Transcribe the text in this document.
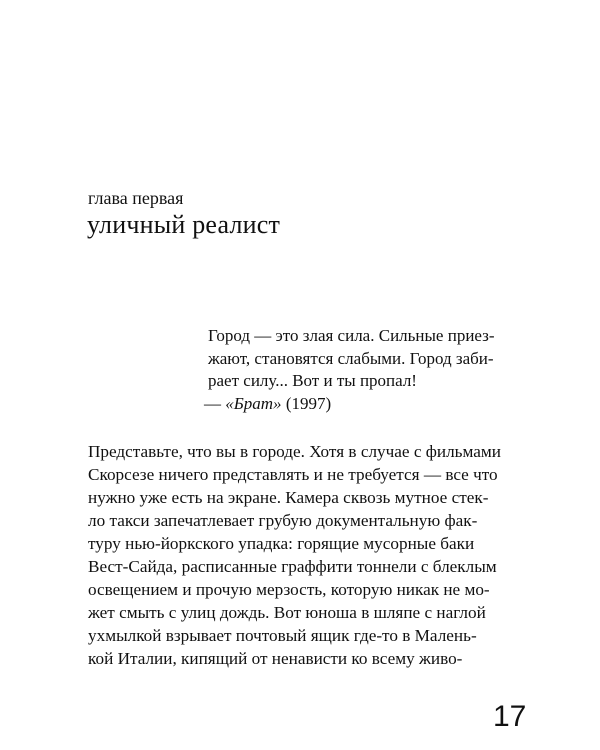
глава первая
уличный реалист
Город — это злая сила. Сильные приез-
жают, становятся слабыми. Город заби-
рает силу... Вот и ты пропал!
— «Брат» (1997)
Представьте, что вы в городе. Хотя в случае с фильмами
Скорсезе ничего представлять и не требуется — все что
нужно уже есть на экране. Камера сквозь мутное стек-
ло такси запечатлевает грубую документальную фак-
туру нью-йоркского упадка: горящие мусорные баки
Вест-Сайда, расписанные граффити тоннели с блеклым
освещением и прочую мерзость, которую никак не мо-
жет смыть с улиц дождь. Вот юноша в шляпе с наглой
ухмылкой взрывает почтовый ящик где-то в Малень-
кой Италии, кипящий от ненависти ко всему живо-
17
